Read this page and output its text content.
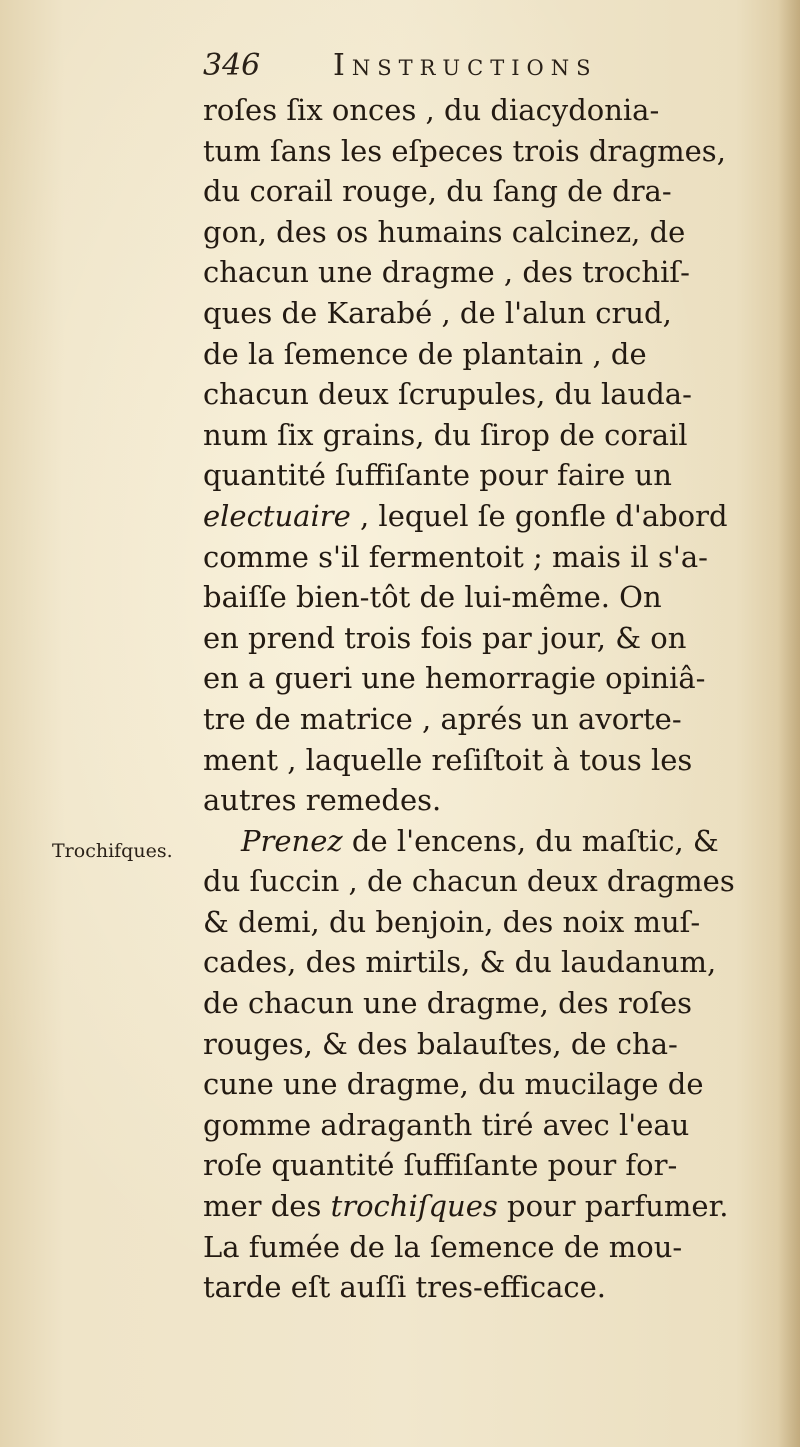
346 Instructions
Trochifques.
roſes ſix onces , du diacydonia-
tum ſans les eſpeces trois dragmes,
du corail rouge, du ſang de dra-
gon, des os humains calcinez, de
chacun une dragme , des trochiſ-
ques de Karabé , de l'alun crud,
de la ſemence de plantain , de
chacun deux ſcrupules, du lauda-
num ſix grains, du ſirop de corail
quantité ſuffiſante pour faire un
electuaire , lequel ſe gonfle d'abord
comme s'il fermentoit ; mais il s'a-
baiſſe bien-tôt de lui-même. On
en prend trois fois par jour, & on
en a gueri une hemorragie opiniâ-
tre de matrice , aprés un avorte-
ment , laquelle reſiſtoit à tous les
autres remedes.
Prenez de l'encens, du maſtic, &
du ſuccin , de chacun deux dragmes
& demi, du benjoin, des noix muſ-
cades, des mirtils, & du laudanum,
de chacun une dragme, des roſes
rouges, & des balauſtes, de cha-
cune une dragme, du mucilage de
gomme adraganth tiré avec l'eau
roſe quantité ſuffiſante pour for-
mer des trochiſques pour parfumer.
La fumée de la ſemence de mou-
tarde eſt auſſi tres-efficace.
